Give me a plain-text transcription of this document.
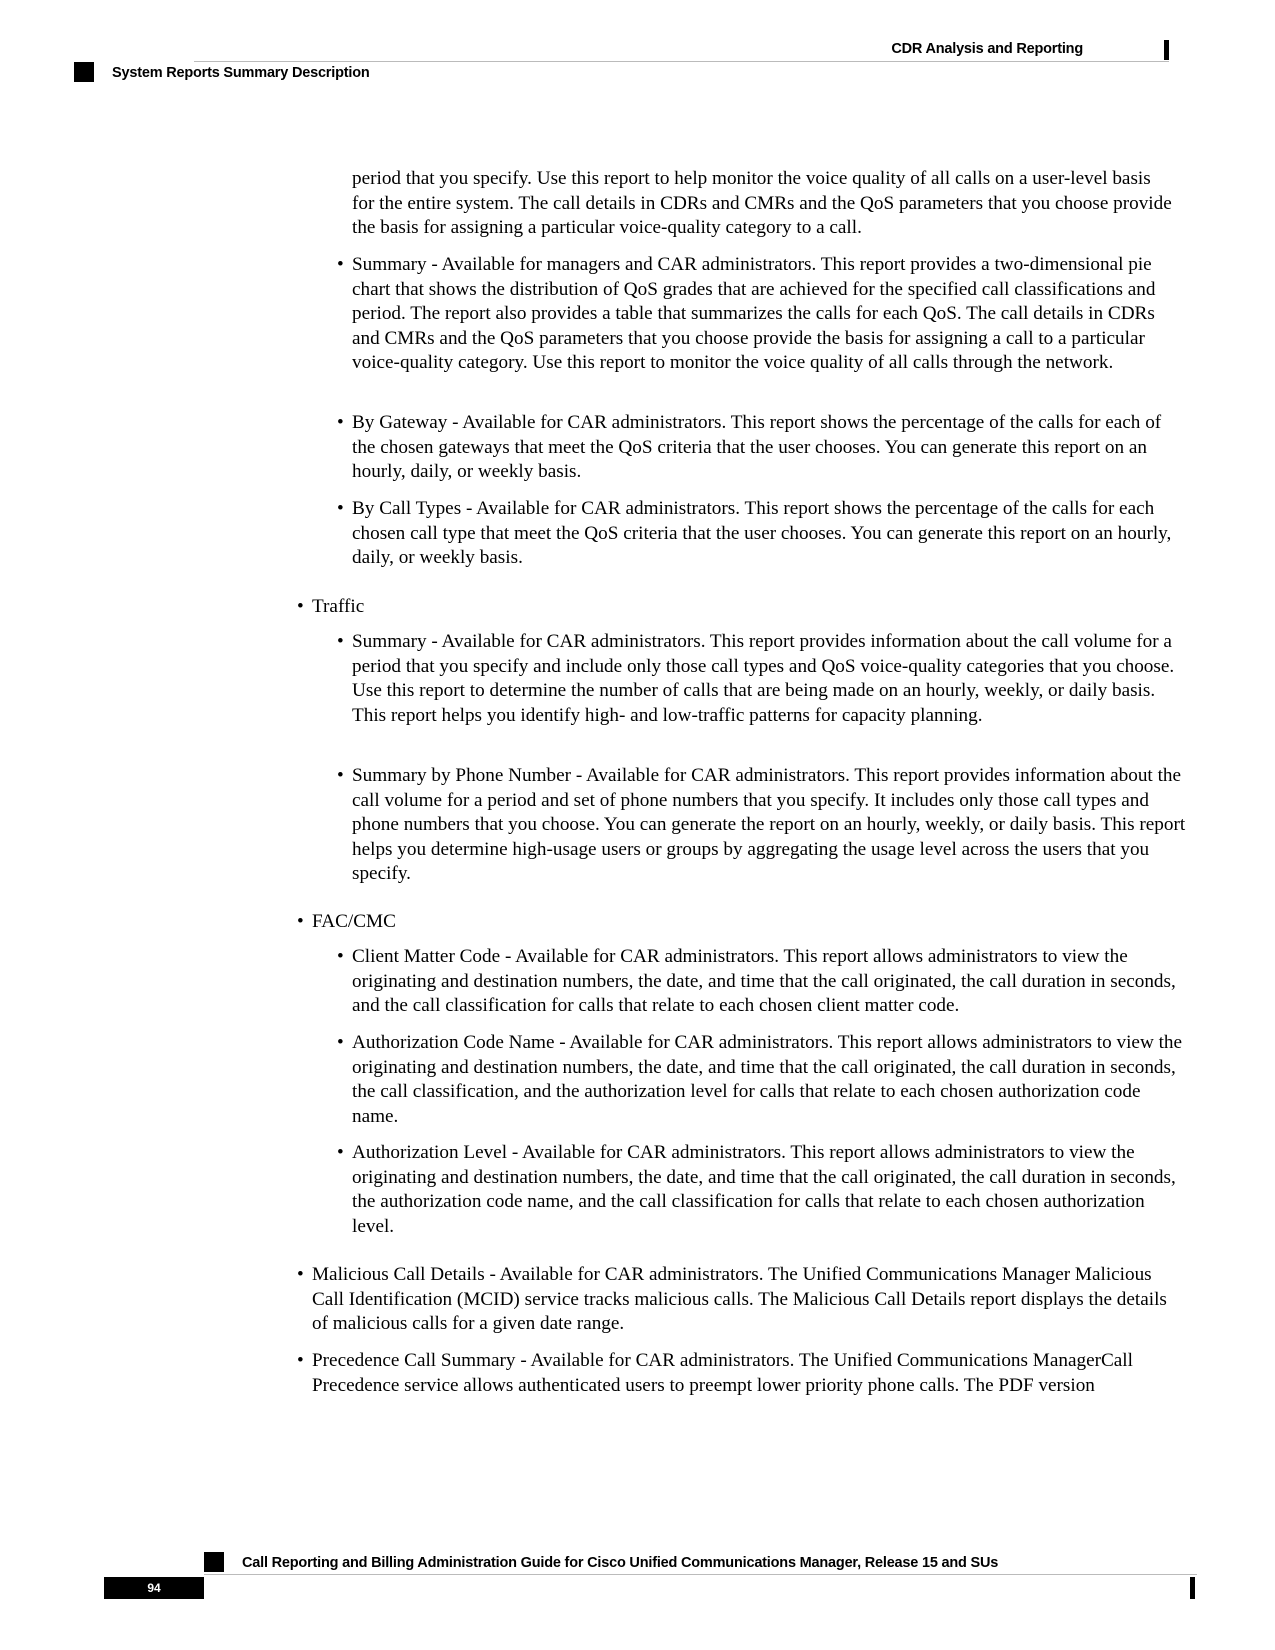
CDR Analysis and Reporting
System Reports Summary Description
period that you specify. Use this report to help monitor the voice quality of all calls on a user-level basis for the entire system. The call details in CDRs and CMRs and the QoS parameters that you choose provide the basis for assigning a particular voice-quality category to a call.
• Summary - Available for managers and CAR administrators. This report provides a two-dimensional pie chart that shows the distribution of QoS grades that are achieved for the specified call classifications and period. The report also provides a table that summarizes the calls for each QoS. The call details in CDRs and CMRs and the QoS parameters that you choose provide the basis for assigning a call to a particular voice-quality category. Use this report to monitor the voice quality of all calls through the network.
• By Gateway - Available for CAR administrators. This report shows the percentage of the calls for each of the chosen gateways that meet the QoS criteria that the user chooses. You can generate this report on an hourly, daily, or weekly basis.
• By Call Types - Available for CAR administrators. This report shows the percentage of the calls for each chosen call type that meet the QoS criteria that the user chooses. You can generate this report on an hourly, daily, or weekly basis.
• Traffic
• Summary - Available for CAR administrators. This report provides information about the call volume for a period that you specify and include only those call types and QoS voice-quality categories that you choose. Use this report to determine the number of calls that are being made on an hourly, weekly, or daily basis. This report helps you identify high- and low-traffic patterns for capacity planning.
• Summary by Phone Number - Available for CAR administrators. This report provides information about the call volume for a period and set of phone numbers that you specify. It includes only those call types and phone numbers that you choose. You can generate the report on an hourly, weekly, or daily basis. This report helps you determine high-usage users or groups by aggregating the usage level across the users that you specify.
• FAC/CMC
• Client Matter Code - Available for CAR administrators. This report allows administrators to view the originating and destination numbers, the date, and time that the call originated, the call duration in seconds, and the call classification for calls that relate to each chosen client matter code.
• Authorization Code Name - Available for CAR administrators. This report allows administrators to view the originating and destination numbers, the date, and time that the call originated, the call duration in seconds, the call classification, and the authorization level for calls that relate to each chosen authorization code name.
• Authorization Level - Available for CAR administrators. This report allows administrators to view the originating and destination numbers, the date, and time that the call originated, the call duration in seconds, the authorization code name, and the call classification for calls that relate to each chosen authorization level.
• Malicious Call Details - Available for CAR administrators. The Unified Communications Manager Malicious Call Identification (MCID) service tracks malicious calls. The Malicious Call Details report displays the details of malicious calls for a given date range.
• Precedence Call Summary - Available for CAR administrators. The Unified Communications ManagerCall Precedence service allows authenticated users to preempt lower priority phone calls. The PDF version
Call Reporting and Billing Administration Guide for Cisco Unified Communications Manager, Release 15 and SUs
94
